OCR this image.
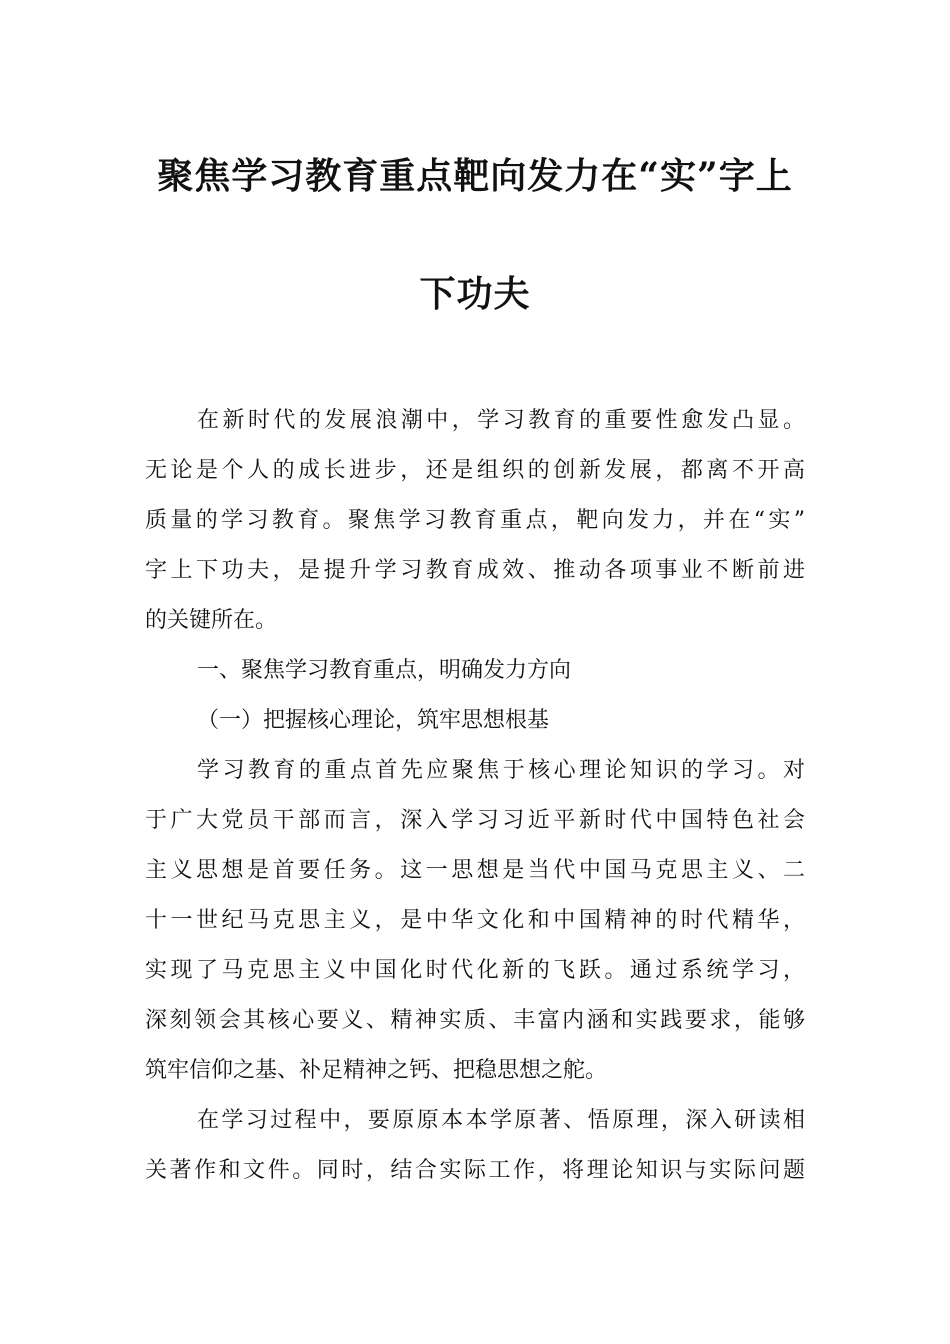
聚焦学习教育重点靶向发力在“实”字上
下功夫
在新时代的发展浪潮中，学习教育的重要性愈发凸显。
无论是个人的成长进步，还是组织的创新发展，都离不开高
质量的学习教育。聚焦学习教育重点，靶向发力，并在“实”
字上下功夫，是提升学习教育成效、推动各项事业不断前进
的关键所在。
一、聚焦学习教育重点，明确发力方向
（一）把握核心理论，筑牢思想根基
学习教育的重点首先应聚焦于核心理论知识的学习。对
于广大党员干部而言，深入学习习近平新时代中国特色社会
主义思想是首要任务。这一思想是当代中国马克思主义、二
十一世纪马克思主义，是中华文化和中国精神的时代精华，
实现了马克思主义中国化时代化新的飞跃。通过系统学习，
深刻领会其核心要义、精神实质、丰富内涵和实践要求，能够
筑牢信仰之基、补足精神之钙、把稳思想之舵。
在学习过程中，要原原本本学原著、悟原理，深入研读相
关著作和文件。同时，结合实际工作，将理论知识与实际问题
